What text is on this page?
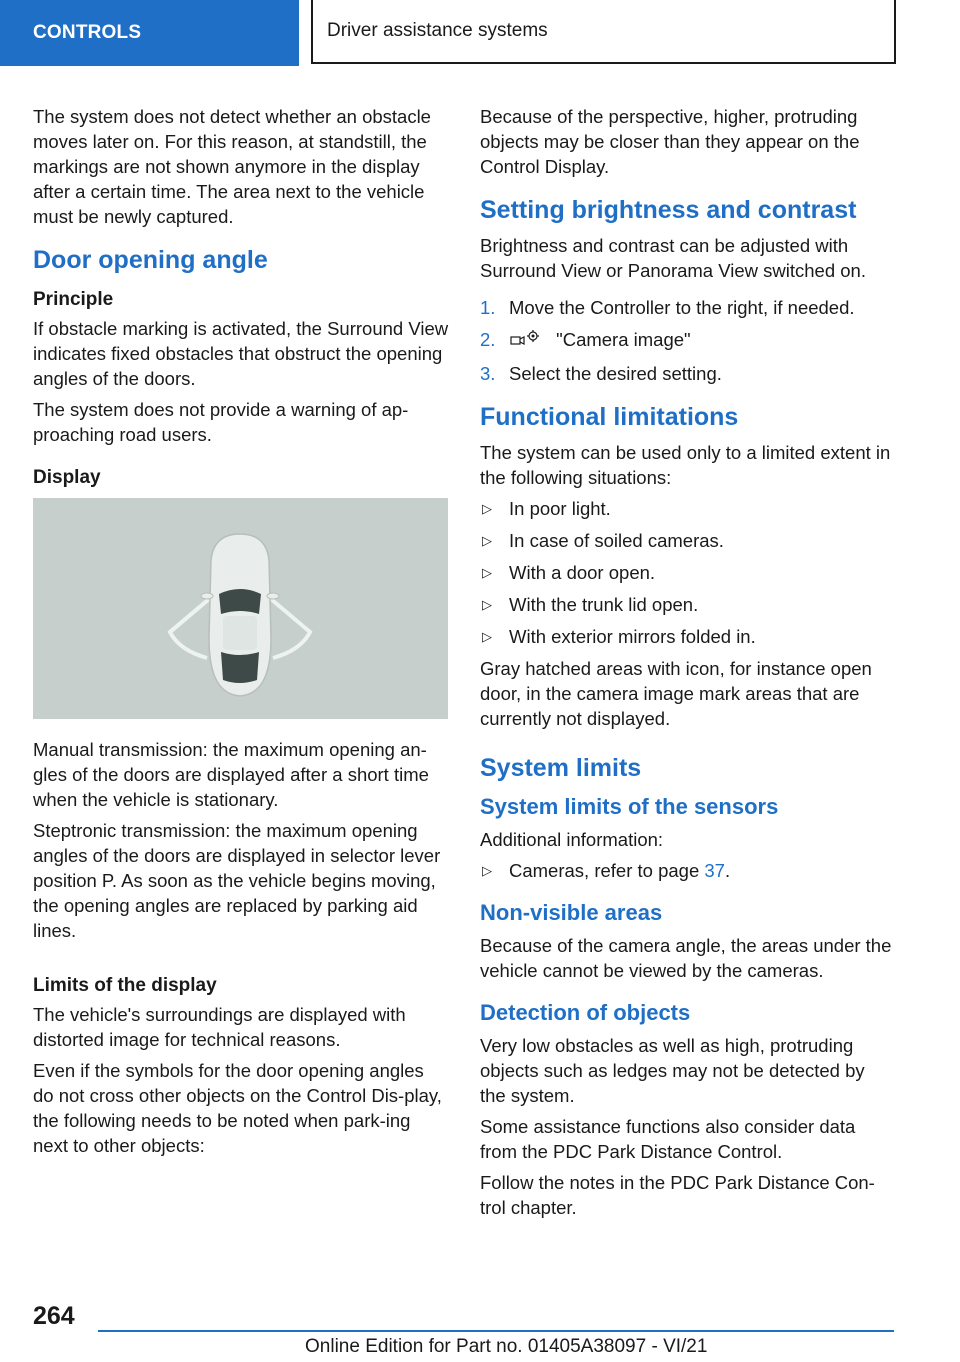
CONTROLS	Driver assistance systems

The system does not detect whether an obstacle moves later on. For this reason, at standstill, the markings are not shown anymore in the display after a certain time. The area next to the vehicle must be newly captured.

Door opening angle
Principle

If obstacle marking is activated, the Surround View indicates fixed obstacles that obstruct the opening angles of the doors.

The system does not provide a warning of ap-proaching road users.

Display

Manual transmission: the maximum opening an-gles of the doors are displayed after a short time when the vehicle is stationary.

Steptronic transmission: the maximum opening angles of the doors are displayed in selector lever position P. As soon as the vehicle begins moving, the opening angles are replaced by parking aid lines.

Limits of the display

The vehicle's surroundings are displayed with distorted image for technical reasons.

Even if the symbols for the door opening angles do not cross other objects on the Control Dis-play, the following needs to be noted when park-ing next to other objects:

Because of the perspective, higher, protruding objects may be closer than they appear on the Control Display.

Setting brightness and contrast

Brightness and contrast can be adjusted with Surround View or Panorama View switched on.

1. Move the Controller to the right, if needed.
2.	"Camera image"
3. Select the desired setting.
Functional limitations

The system can be used only to a limited extent in the following situations:

▷ In poor light.
▷ In case of soiled cameras.
▷ With a door open.
▷ With the trunk lid open.
▷ With exterior mirrors folded in.

Gray hatched areas with icon, for instance open door, in the camera image mark areas that are currently not displayed.

System limits
System limits of the sensors

Additional information:

▷ Cameras, refer to page 37.
Non-visible areas

Because of the camera angle, the areas under the vehicle cannot be viewed by the cameras.

Detection of objects

Very low obstacles as well as high, protruding objects such as ledges may not be detected by the system.

Some assistance functions also consider data from the PDC Park Distance Control.

Follow the notes in the PDC Park Distance Con-trol chapter.

264
Online Edition for Part no. 01405A38097 - VI/21
